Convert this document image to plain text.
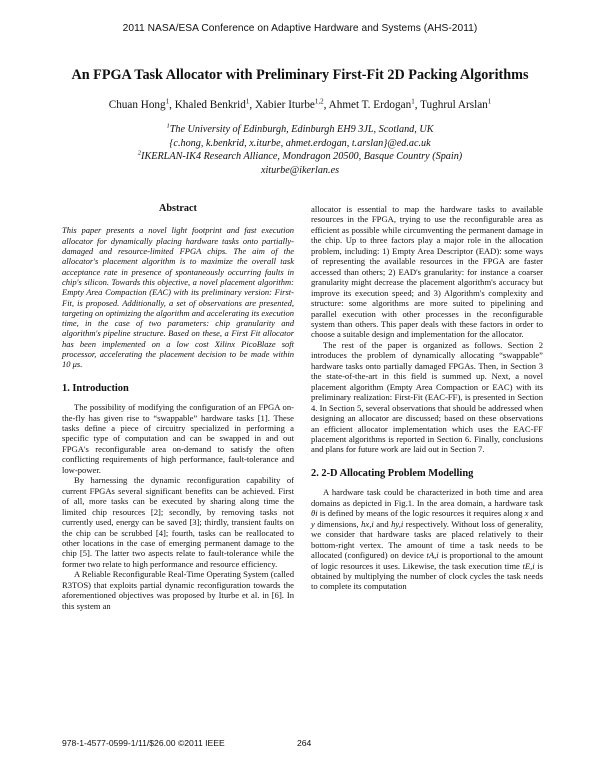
2011 NASA/ESA Conference on Adaptive Hardware and Systems (AHS-2011)
An FPGA Task Allocator with Preliminary First-Fit 2D Packing Algorithms
Chuan Hong$^1$, Khaled Benkrid$^1$, Xabier Iturbe$^{1,2}$, Ahmet T. Erdogan$^1$, Tughrul Arslan$^1$
$^1$The University of Edinburgh, Edinburgh EH9 3JL, Scotland, UK
{c.hong, k.benkrid, x.iturbe, ahmet.erdogan, t.arslan}@ed.ac.uk
$^2$IKERLAN-IK4 Research Alliance, Mondragon 20500, Basque Country (Spain)
xiturbe@ikerlan.es

Abstract

This paper presents a novel light footprint and fast execution allocator for dynamically placing hardware tasks onto partially-damaged and resource-limited FPGA chips. The aim of the allocator's placement algorithm is to maximize the overall task acceptance rate in presence of spontaneously occurring faults in chip's silicon. Towards this objective, a novel placement algorithm: Empty Area Compaction (EAC) with its preliminary version: First-Fit, is proposed. Additionally, a set of observations are presented, targeting on optimizing the algorithm and accelerating its execution time, in the case of two parameters: chip granularity and algorithm's pipeline structure. Based on these, a First Fit allocator has been implemented on a low cost Xilinx PicoBlaze soft processor, accelerating the placement decision to be made within 10 μs.

1. Introduction

The possibility of modifying the configuration of an FPGA on-the-fly has given rise to “swappable” hardware tasks [1]. These tasks define a piece of circuitry specialized in performing a specific type of computation and can be swapped in and out FPGA's reconfigurable area on-demand to satisfy the often conflicting requirements of high performance, fault-tolerance and low-power.

By harnessing the dynamic reconfiguration capability of current FPGAs several significant benefits can be achieved. First of all, more tasks can be executed by sharing along time the limited chip resources [2]; secondly, by removing tasks not currently used, energy can be saved [3]; thirdly, transient faults on the chip can be scrubbed [4]; fourth, tasks can be reallocated to other locations in the case of emerging permanent damage to the chip [5]. The latter two aspects relate to fault-tolerance while the former two relate to high performance and resource efficiency.

A Reliable Reconfigurable Real-Time Operating System (called R3TOS) that exploits partial dynamic reconfiguration towards the aforementioned objectives was proposed by Iturbe et al. in [6]. In this system an

allocator is essential to map the hardware tasks to available resources in the FPGA, trying to use the reconfigurable area as efficient as possible while circumventing the permanent damage in the chip. Up to three factors play a major role in the allocation problem, including: 1) Empty Area Descriptor (EAD): some ways of representing the available resources in the FPGA are faster accessed than others; 2) EAD's granularity: for instance a coarser granularity might decrease the placement algorithm's accuracy but improve its execution speed; and 3) Algorithm's complexity and structure: some algorithms are more suited to pipelining and parallel execution with other processes in the reconfigurable system than others. This paper deals with these factors in order to choose a suitable design and implementation for the allocator.

The rest of the paper is organized as follows. Section 2 introduces the problem of dynamically allocating “swappable” hardware tasks onto partially damaged FPGAs. Then, in Section 3 the state-of-the-art in this field is summed up. Next, a novel placement algorithm (Empty Area Compaction or EAC) with its preliminary realization: First-Fit (EAC-FF), is presented in Section 4. In Section 5, several observations that should be addressed when designing an allocator are discussed; based on these observations an efficient allocator implementation which uses the EAC-FF placement algorithms is reported in Section 6. Finally, conclusions and plans for future work are laid out in Section 7.

2. 2-D Allocating Problem Modelling

A hardware task could be characterized in both time and area domains as depicted in Fig.1. In the area domain, a hardware task θi is defined by means of the logic resources it requires along x and y dimensions, hx,i and hy,i respectively. Without loss of generality, we consider that hardware tasks are placed relatively to their bottom-right vertex. The amount of time a task needs to be allocated (configured) on device tA,i is proportional to the amount of logic resources it uses. Likewise, the task execution time tE,i is obtained by multiplying the number of clock cycles the task needs to complete its computation

978-1-4577-0599-1/11/$26.00 ©2011 IEEE	264
